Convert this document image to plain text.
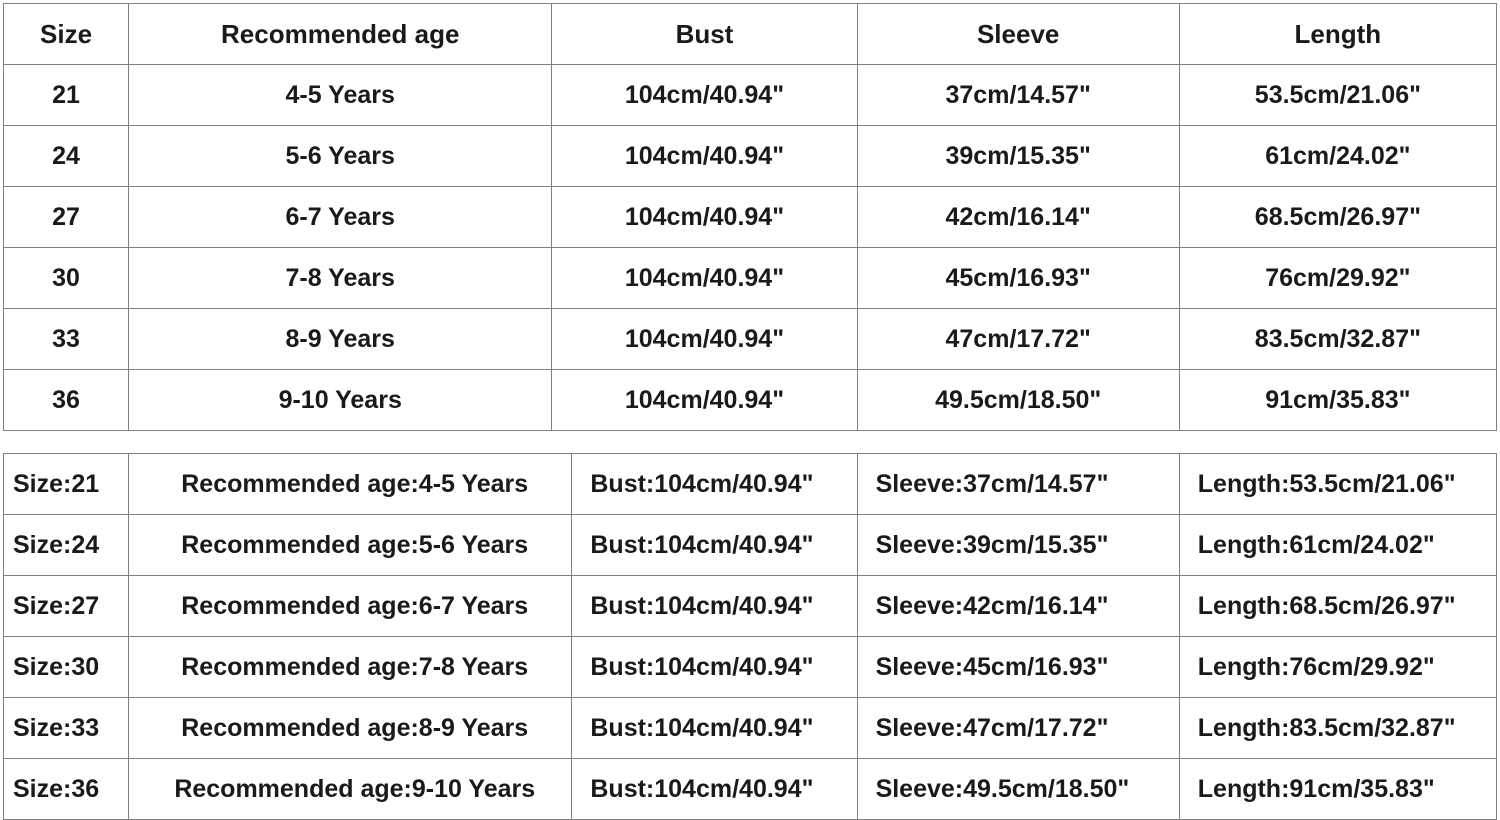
Size	Recommended age	Bust	Sleeve	Length
21	4-5 Years	104cm/40.94"	37cm/14.57"	53.5cm/21.06"
24	5-6 Years	104cm/40.94"	39cm/15.35"	61cm/24.02"
27	6-7 Years	104cm/40.94"	42cm/16.14"	68.5cm/26.97"
30	7-8 Years	104cm/40.94"	45cm/16.93"	76cm/29.92"
33	8-9 Years	104cm/40.94"	47cm/17.72"	83.5cm/32.87"
36	9-10 Years	104cm/40.94"	49.5cm/18.50"	91cm/35.83"
Size:21	Recommended age:4-5 Years	Bust:104cm/40.94"	Sleeve:37cm/14.57"	Length:53.5cm/21.06"
Size:24	Recommended age:5-6 Years	Bust:104cm/40.94"	Sleeve:39cm/15.35"	Length:61cm/24.02"
Size:27	Recommended age:6-7 Years	Bust:104cm/40.94"	Sleeve:42cm/16.14"	Length:68.5cm/26.97"
Size:30	Recommended age:7-8 Years	Bust:104cm/40.94"	Sleeve:45cm/16.93"	Length:76cm/29.92"
Size:33	Recommended age:8-9 Years	Bust:104cm/40.94"	Sleeve:47cm/17.72"	Length:83.5cm/32.87"
Size:36	Recommended age:9-10 Years	Bust:104cm/40.94"	Sleeve:49.5cm/18.50"	Length:91cm/35.83"
